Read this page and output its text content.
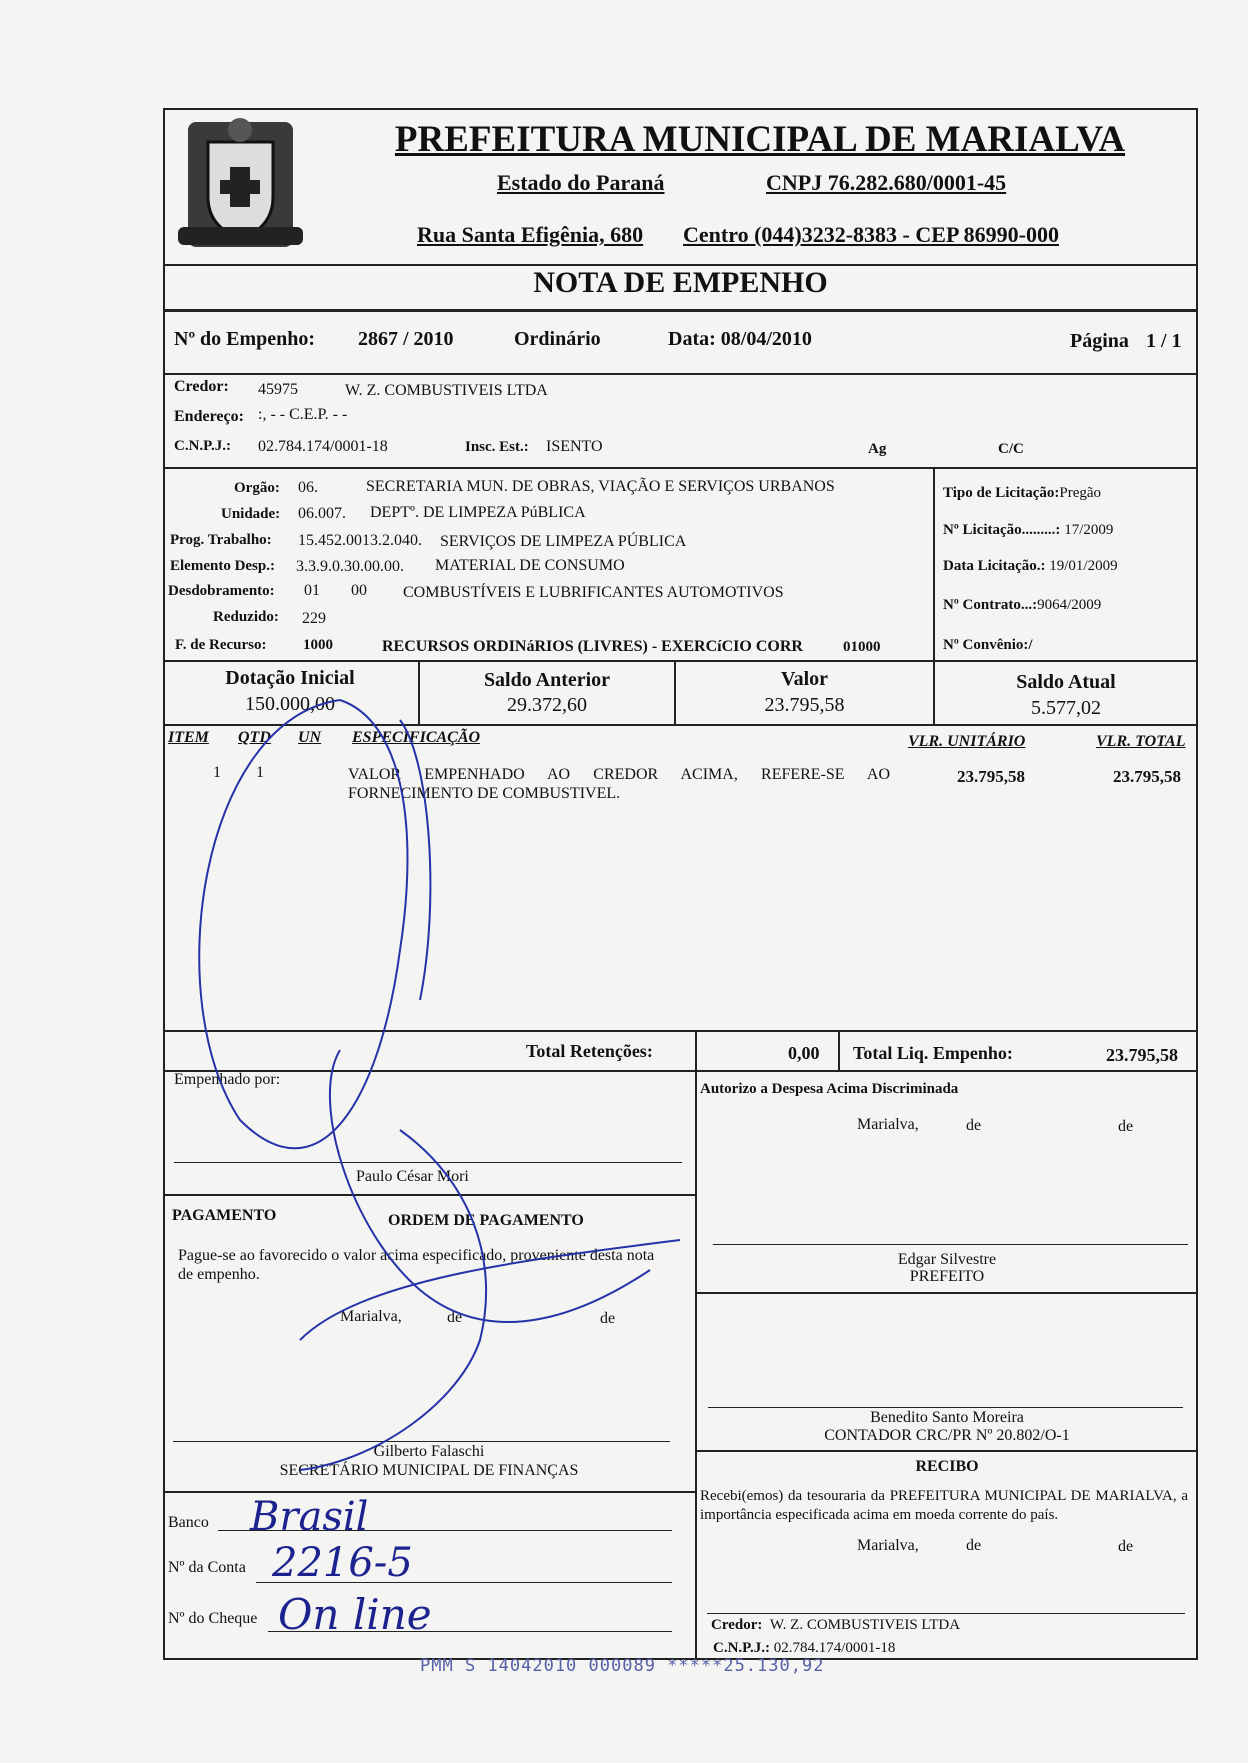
PREFEITURA MUNICIPAL DE MARIALVA
Estado do Paraná	CNPJ 76.282.680/0001-45
Rua Santa Efigênia, 680 Centro (044)3232-8383 - CEP 86990-000
NOTA DE EMPENHO
Nº do Empenho: 2867 / 2010	Ordinário	Data: 08/04/2010	Página 1 / 1
Credor: 45975	W. Z. COMBUSTIVEIS LTDA
Endereço: :, - - C.E.P. - -
C.N.P.J.: 02.784.174/0001-18	Insc. Est.: ISENTO	Ag	C/C
Orgão: 06.	SECRETARIA MUN. DE OBRAS, VIAÇÃO E SERVIÇOS URBANOS
Unidade: 06.007. DEPTº. DE LIMPEZA PúBLICA
Prog. Trabalho: 15.452.0013.2.040. SERVIÇOS DE LIMPEZA PÚBLICA
Elemento Desp.: 3.3.9.0.30.00.00. MATERIAL DE CONSUMO
Desdobramento: 01 00 COMBUSTÍVEIS E LUBRIFICANTES AUTOMOTIVOS
Reduzido: 229
F. de Recurso: 1000	RECURSOS ORDINáRIOS (LIVRES) - EXERCíCIO CORR	01000
Tipo de Licitação:Pregão
Nº Licitação.........: 17/2009
Data Licitação.: 19/01/2009
Nº Contrato...:9064/2009
Nº Convênio:/
Dotação Inicial
150.000,00
Saldo Anterior
29.372,60
Valor
23.795,58
Saldo Atual
5.577,02
ITEM QTD UN ESPECIFICAÇÃO	VLR. UNITÁRIO	VLR. TOTAL
1 1	VALOR EMPENHADO AO CREDOR ACIMA, REFERE-SE AO FORNECIMENTO DE COMBUSTIVEL.
23.795,58	23.795,58
Total Retenções:	0,00 Total Liq. Empenho:	23.795,58
Empenhado por:
Paulo César Mori
PAGAMENTO	ORDEM DE PAGAMENTO
Pague-se ao favorecido o valor acima especificado, proveniente desta nota de empenho.
Marialva,	de	de
Gilberto Falaschi
SECRETÁRIO MUNICIPAL DE FINANÇAS
Banco Brasil
Nº da Conta 2216-5
Nº do Cheque On line
Autorizo a Despesa Acima Discriminada
Marialva,	de	de
Edgar Silvestre
PREFEITO
Benedito Santo Moreira
CONTADOR CRC/PR Nº 20.802/O-1
RECIBO
Recebi(emos) da tesouraria da PREFEITURA MUNICIPAL DE MARIALVA, a importância especificada acima em moeda corrente do país.
Marialva,	de	de
Credor: W. Z. COMBUSTIVEIS LTDA
C.N.P.J.: 02.784.174/0001-18
PMM S 14042010 000089 *****25.130,92
